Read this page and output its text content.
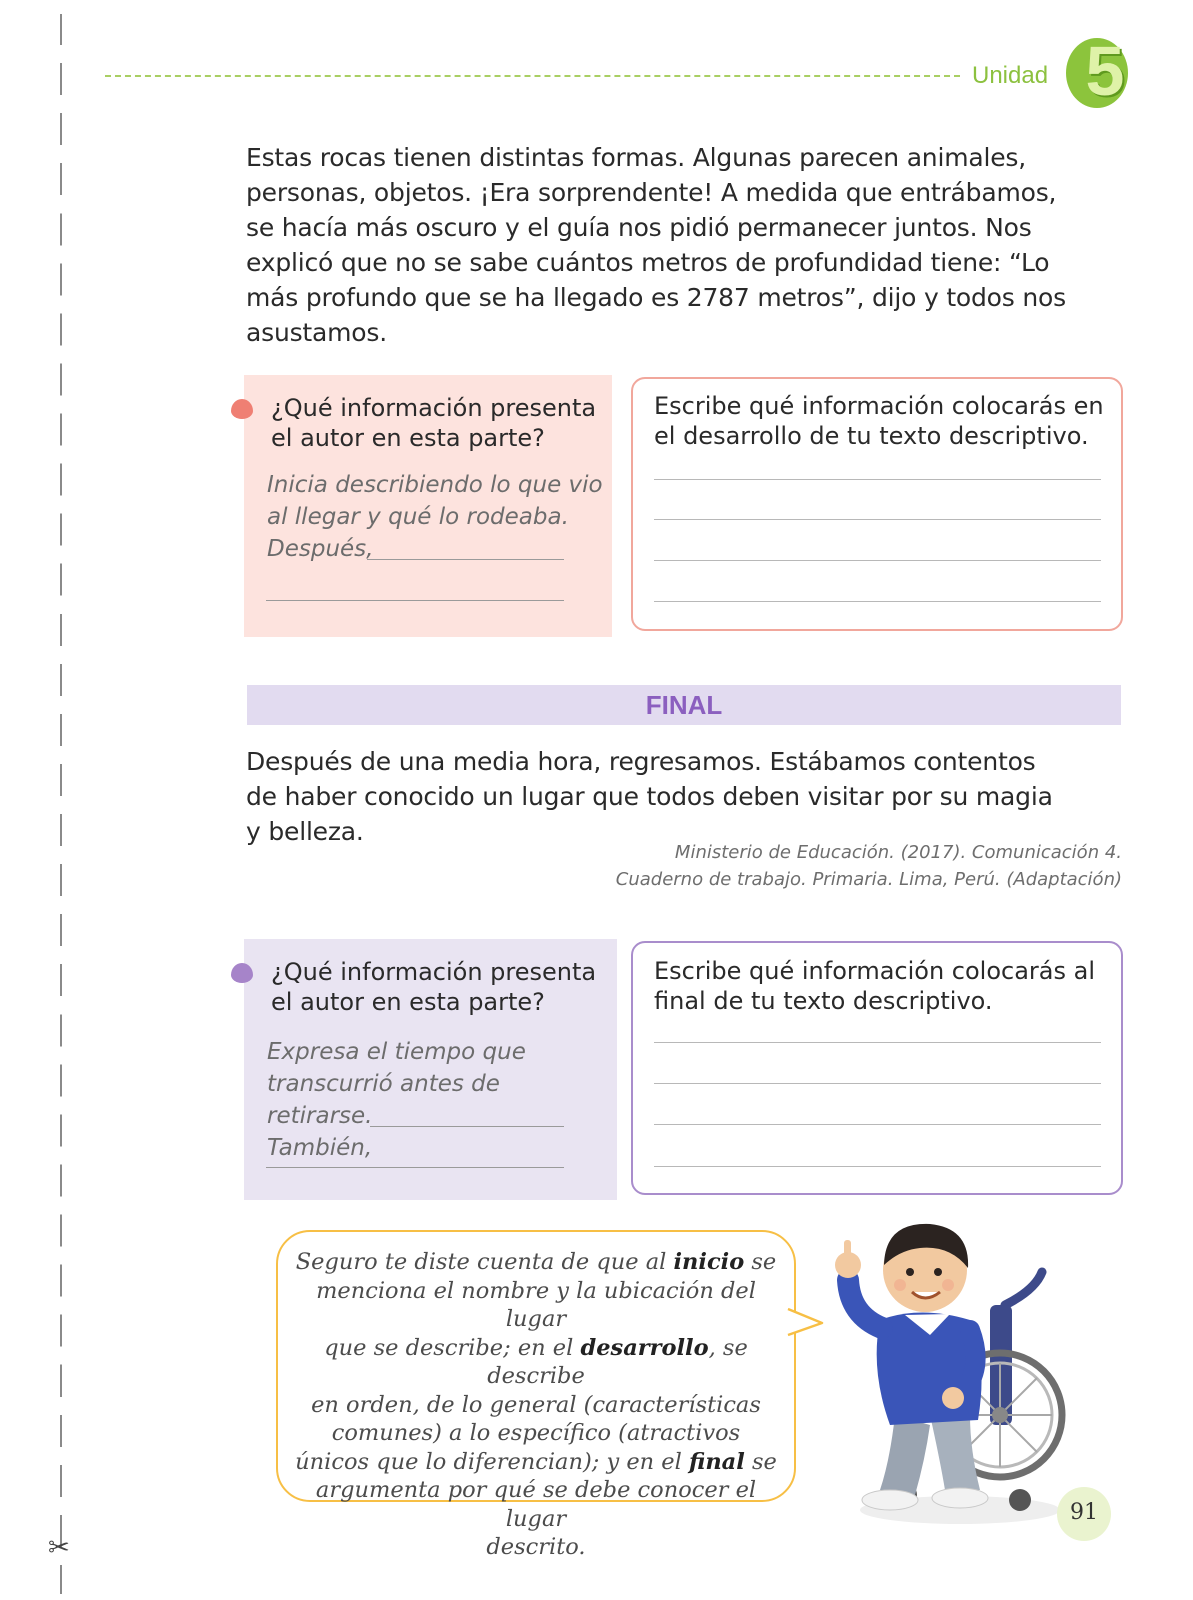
✂
Unidad 5
Estas rocas tienen distintas formas. Algunas parecen animales,
personas, objetos. ¡Era sorprendente! A medida que entrábamos,
se hacía más oscuro y el guía nos pidió permanecer juntos. Nos
explicó que no se sabe cuántos metros de profundidad tiene: “Lo
más profundo que se ha llegado es 2787 metros”, dijo y todos nos
asustamos.
¿Qué información presenta
el autor en esta parte?
Inicia describiendo lo que vio
al llegar y qué lo rodeaba.
Después,
Escribe qué información colocarás en
el desarrollo de tu texto descriptivo.
FINAL
Después de una media hora, regresamos. Estábamos contentos
de haber conocido un lugar que todos deben visitar por su magia
y belleza.
Ministerio de Educación. (2017). Comunicación 4.
Cuaderno de trabajo. Primaria. Lima, Perú. (Adaptación)
¿Qué información presenta
el autor en esta parte?
Expresa el tiempo que
transcurrió antes de retirarse.
También,
Escribe qué información colocarás al
final de tu texto descriptivo.
Seguro te diste cuenta de que al inicio se
menciona el nombre y la ubicación del lugar
que se describe; en el desarrollo, se describe
en orden, de lo general (características
comunes) a lo específico (atractivos
únicos que lo diferencian); y en el final se
argumenta por qué se debe conocer el lugar
descrito.
91
